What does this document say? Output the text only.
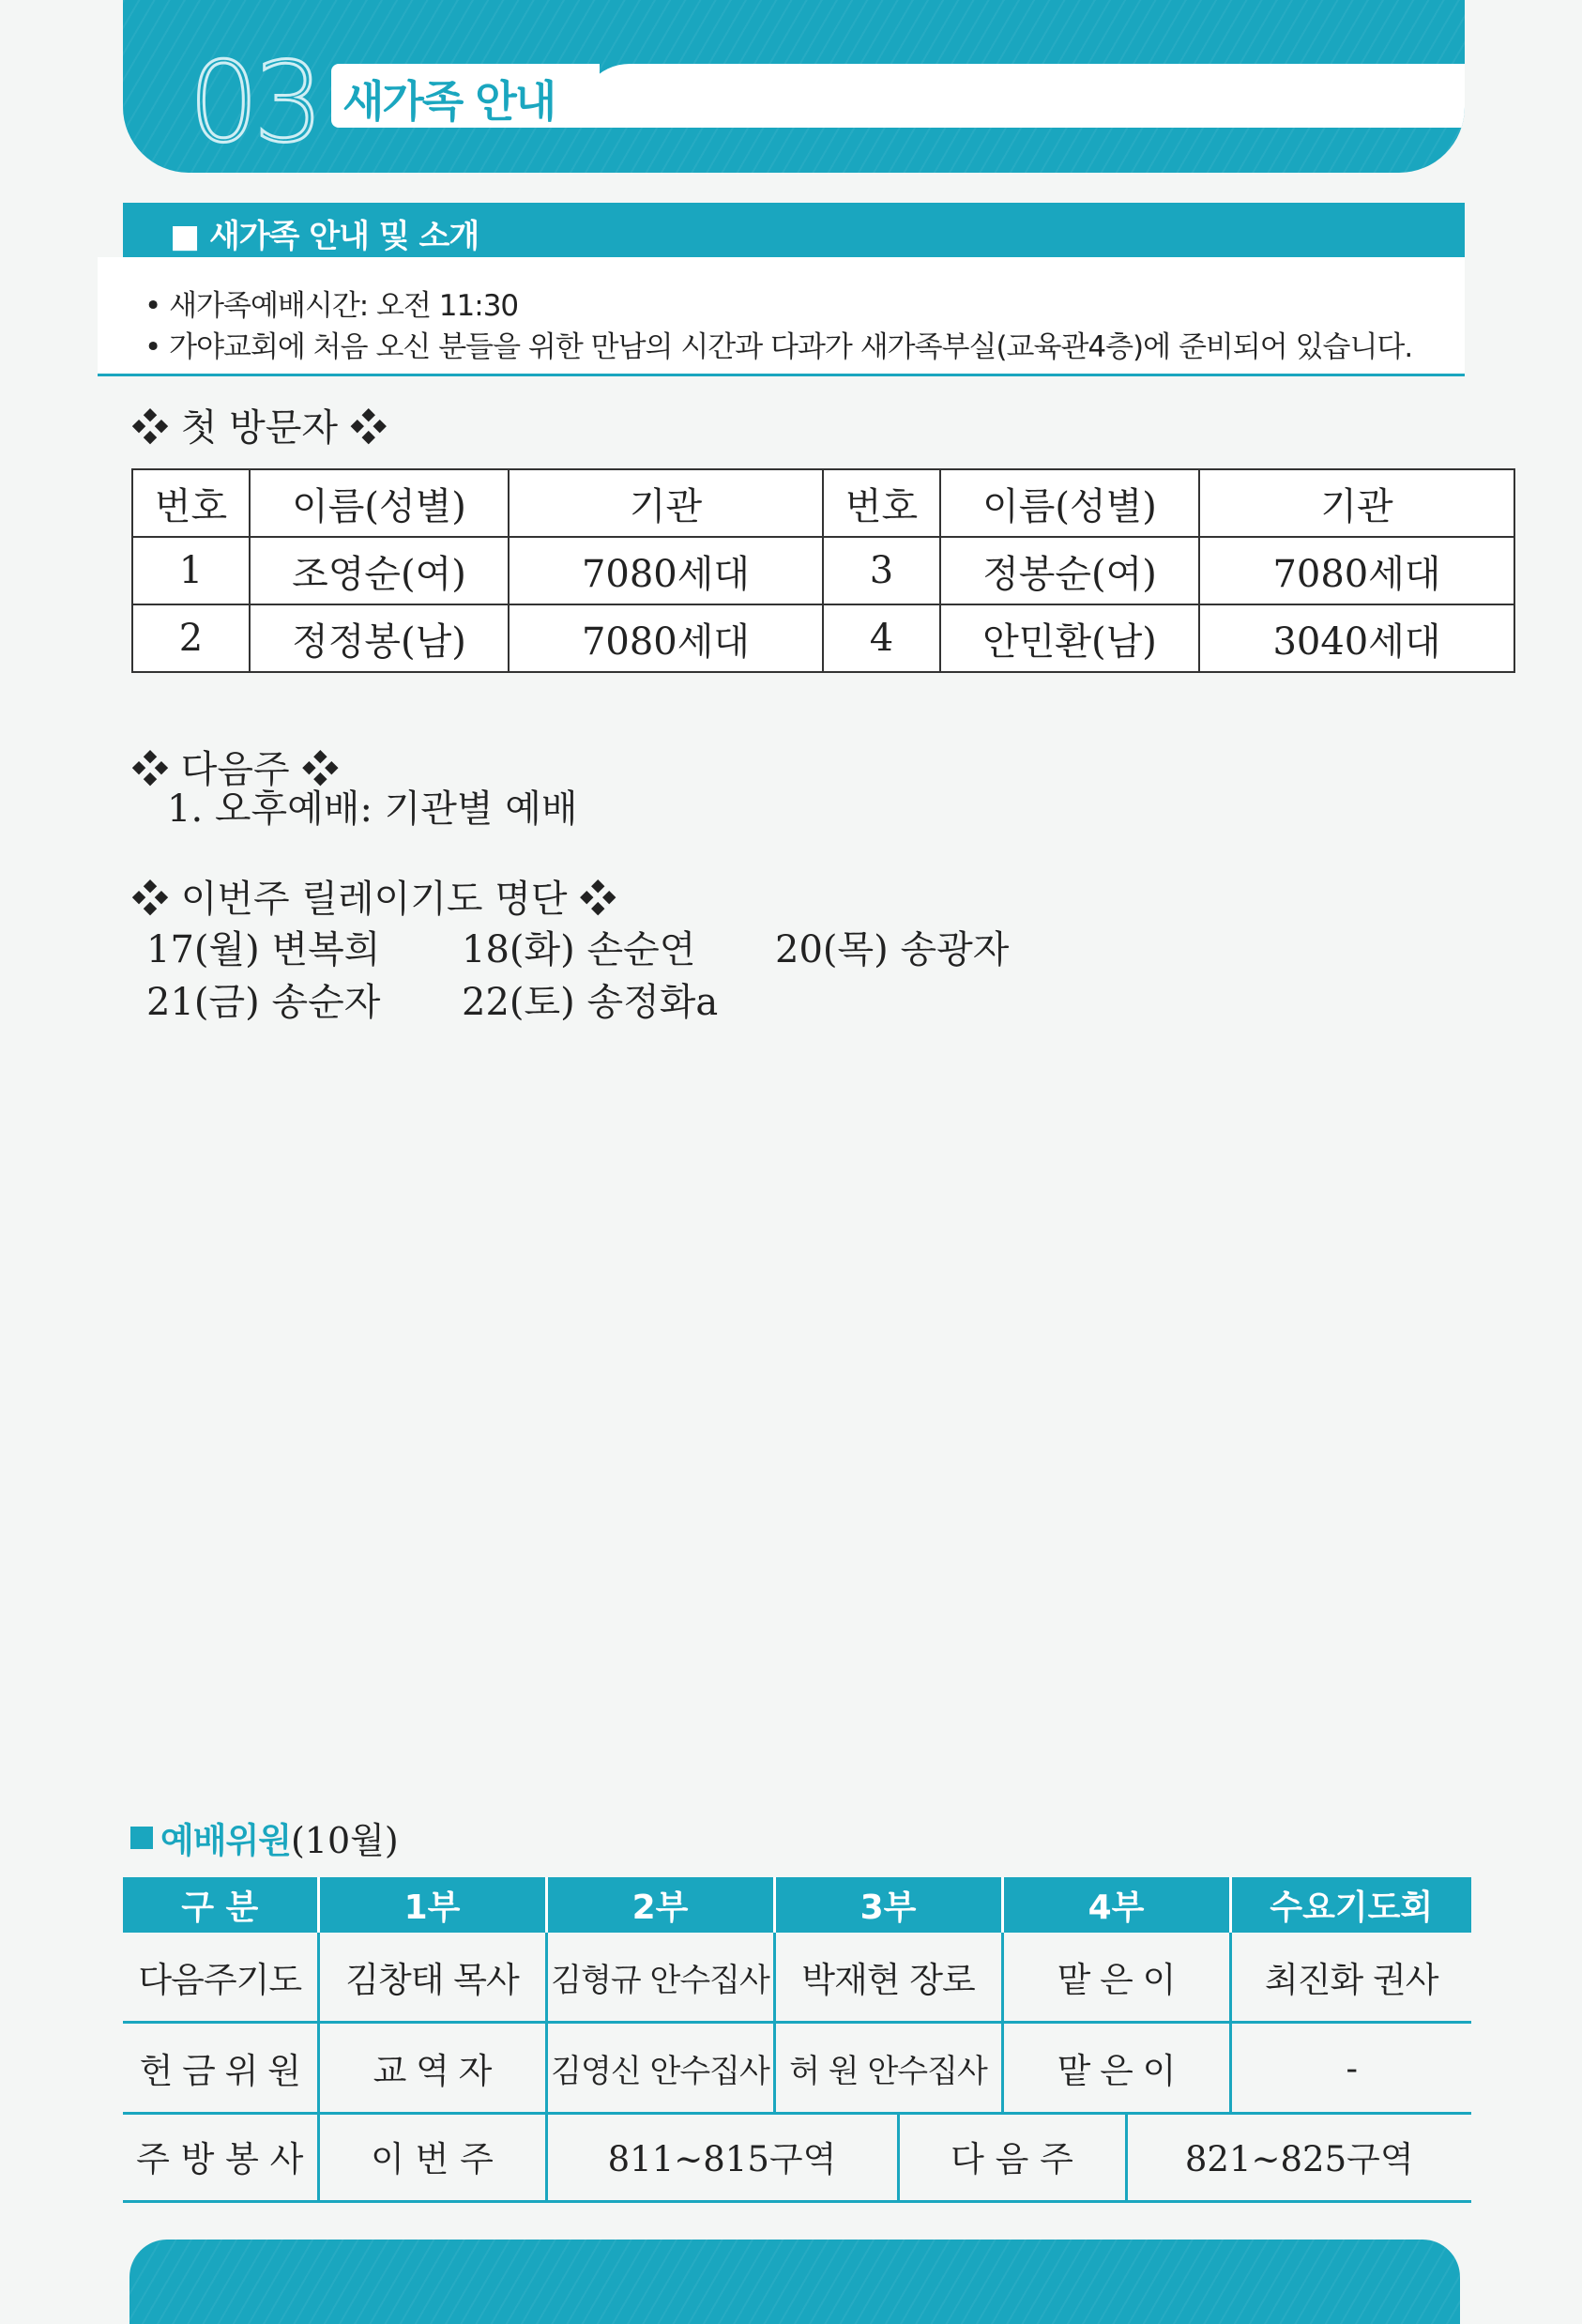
03 새가족 안내
■ 새가족 안내 및 소개

• 새가족예배시간: 오전 11:30

• 가야교회에 처음 오신 분들을 위한 만남의 시간과 다과가 새가족부실(교육관4층)에 준비되어 있습니다.

❖ 첫 방문자 ❖
번호	이름(성별)	기관	번호	이름(성별)	기관
1	조영순(여)	7080세대	3	정봉순(여)	7080세대
2	정정봉(남)	7080세대	4	안민환(남)	3040세대
❖ 다음주 ❖
1. 오후예배: 기관별 예배
❖ 이번주 릴레이기도 명단 ❖
17(월) 변복희 18(화) 손순연 20(목) 송광자
21(금) 송순자 22(토) 송정화a
예배위원(10월)
구 분	1부	2부	3부	4부	수요기도회
다음주기도	김창태 목사	김형규 안수집사	박재현 장로	맡 은 이	최진화 권사
헌 금 위 원	교 역 자	김영신 안수집사	허 원 안수집사	맡 은 이	-
주 방 봉 사	이 번 주	811~815구역	다 음 주	821~825구역
